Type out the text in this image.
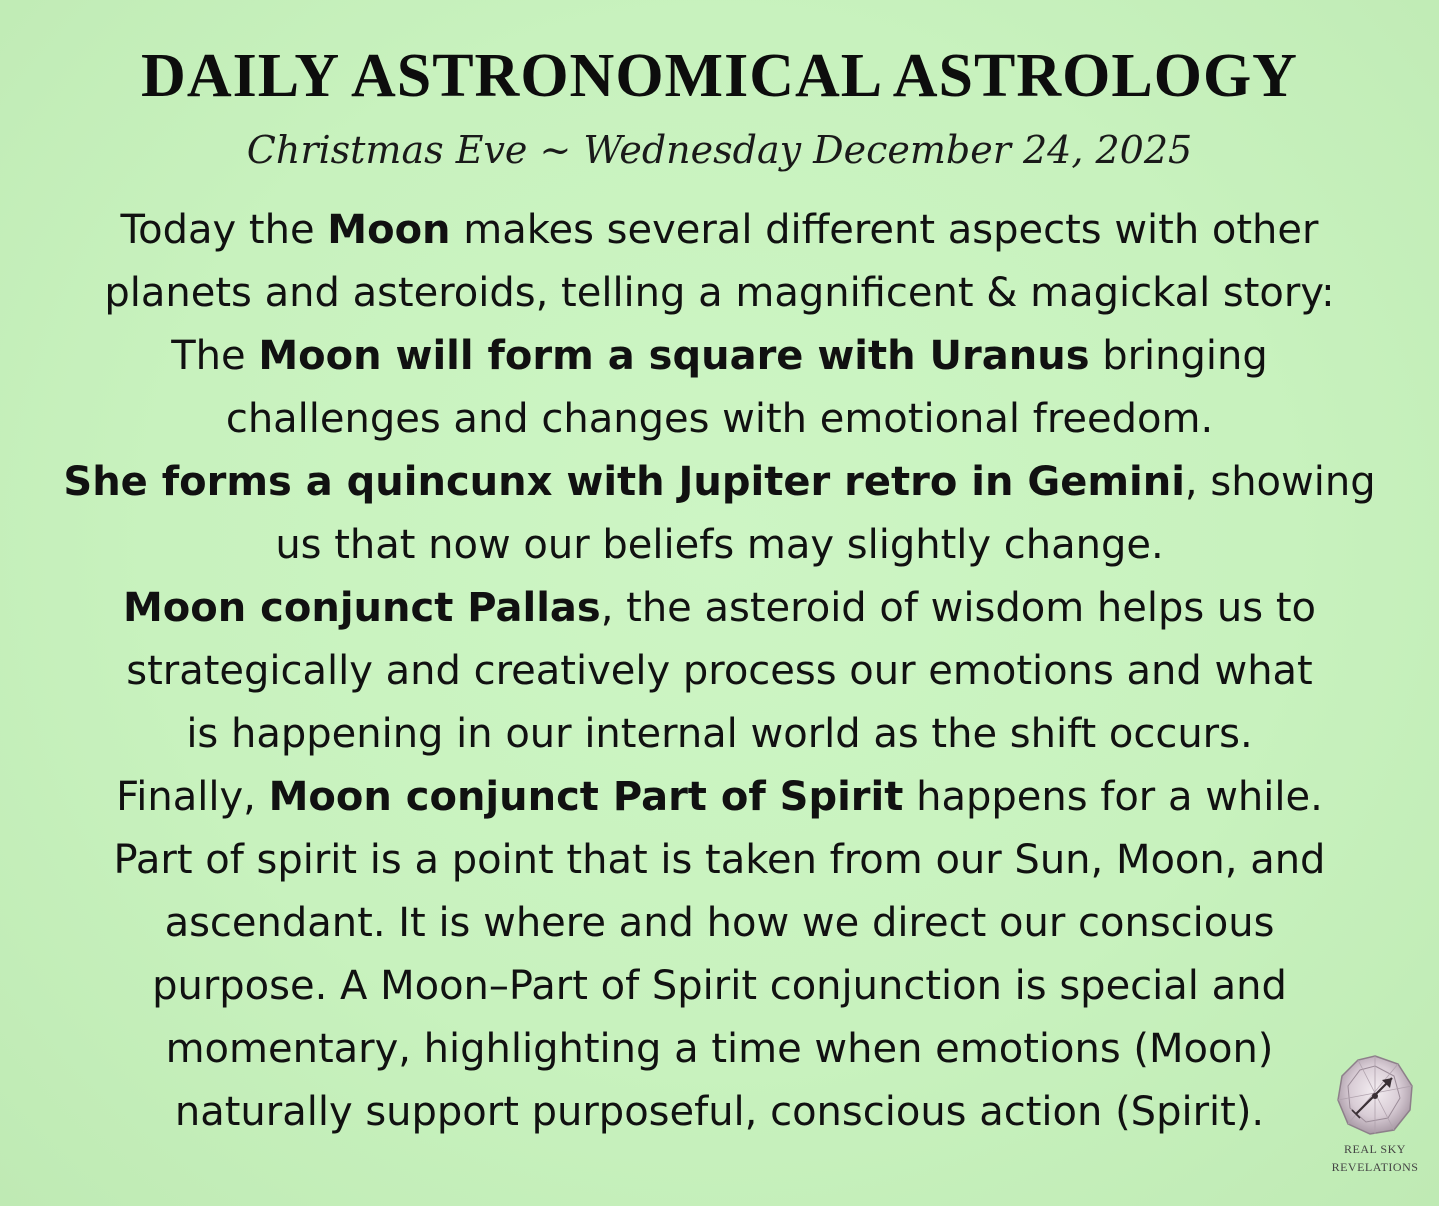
DAILY ASTRONOMICAL ASTROLOGY
Christmas Eve ~ Wednesday December 24, 2025
Today the Moon makes several different aspects with other
planets and asteroids, telling a magnificent & magickal story:
The Moon will form a square with Uranus bringing
challenges and changes with emotional freedom.
She forms a quincunx with Jupiter retro in Gemini, showing
us that now our beliefs may slightly change.
Moon conjunct Pallas, the asteroid of wisdom helps us to
strategically and creatively process our emotions and what
is happening in our internal world as the shift occurs.
Finally, Moon conjunct Part of Spirit happens for a while.
Part of spirit is a point that is taken from our Sun, Moon, and
ascendant. It is where and how we direct our conscious
purpose. A Moon–Part of Spirit conjunction is special and
momentary, highlighting a time when emotions (Moon)
naturally support purposeful, conscious action (Spirit).
REAL SKY
REVELATIONS
